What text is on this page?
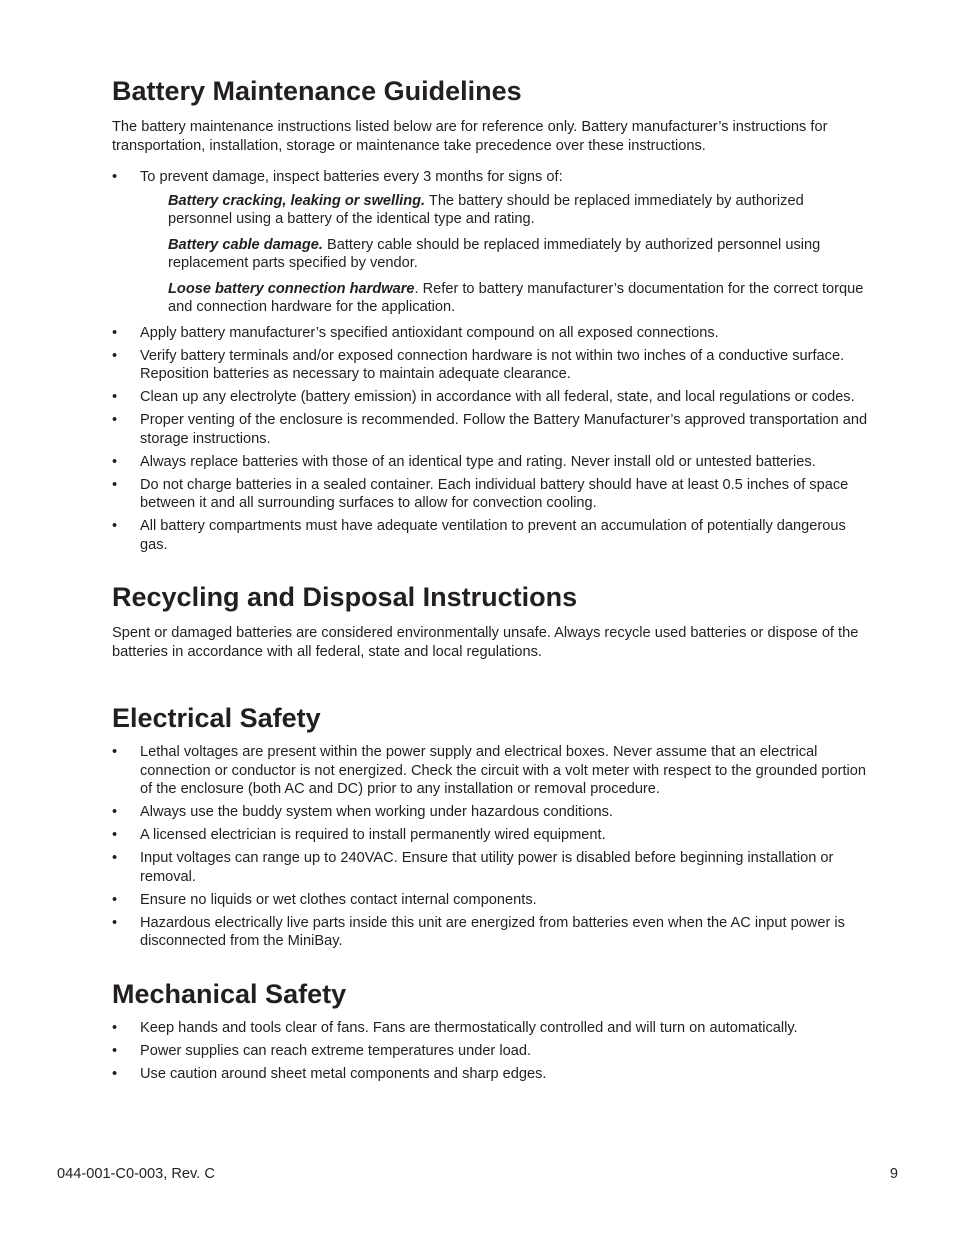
Battery Maintenance Guidelines

The battery maintenance instructions listed below are for reference only. Battery manufacturer’s instructions for transportation, installation, storage or maintenance take precedence over these instructions.

•	To prevent damage, inspect batteries every 3 months for signs of:
Battery cracking, leaking or swelling. The battery should be replaced immediately by authorized personnel using a battery of the identical type and rating.
Battery cable damage. Battery cable should be replaced immediately by authorized personnel using replacement parts specified by vendor.
Loose battery connection hardware. Refer to battery manufacturer’s documentation for the correct torque and connection hardware for the application.
•	Apply battery manufacturer’s specified antioxidant compound on all exposed connections.
•	Verify battery terminals and/or exposed connection hardware is not within two inches of a conductive surface. Reposition batteries as necessary to maintain adequate clearance.
•	Clean up any electrolyte (battery emission) in accordance with all federal, state, and local regulations or codes.
•	Proper venting of the enclosure is recommended. Follow the Battery Manufacturer’s approved transportation and storage instructions.
•	Always replace batteries with those of an identical type and rating. Never install old or untested batteries.
•	Do not charge batteries in a sealed container. Each individual battery should have at least 0.5 inches of space between it and all surrounding surfaces to allow for convection cooling.
•	All battery compartments must have adequate ventilation to prevent an accumulation of potentially dangerous gas.
Recycling and Disposal Instructions

Spent or damaged batteries are considered environmentally unsafe. Always recycle used batteries or dispose of the batteries in accordance with all federal, state and local regulations.

Electrical Safety
•	Lethal voltages are present within the power supply and electrical boxes. Never assume that an electrical connection or conductor is not energized. Check the circuit with a volt meter with respect to the grounded portion of the enclosure (both AC and DC) prior to any installation or removal procedure.
•	Always use the buddy system when working under hazardous conditions.
•	A licensed electrician is required to install permanently wired equipment.
•	Input voltages can range up to 240VAC. Ensure that utility power is disabled before beginning installation or removal.
•	Ensure no liquids or wet clothes contact internal components.
•	Hazardous electrically live parts inside this unit are energized from batteries even when the AC input power is disconnected from the MiniBay.
Mechanical Safety
•	Keep hands and tools clear of fans. Fans are thermostatically controlled and will turn on automatically.
•	Power supplies can reach extreme temperatures under load.
•	Use caution around sheet metal components and sharp edges.
044-001-C0-003, Rev. C	9
